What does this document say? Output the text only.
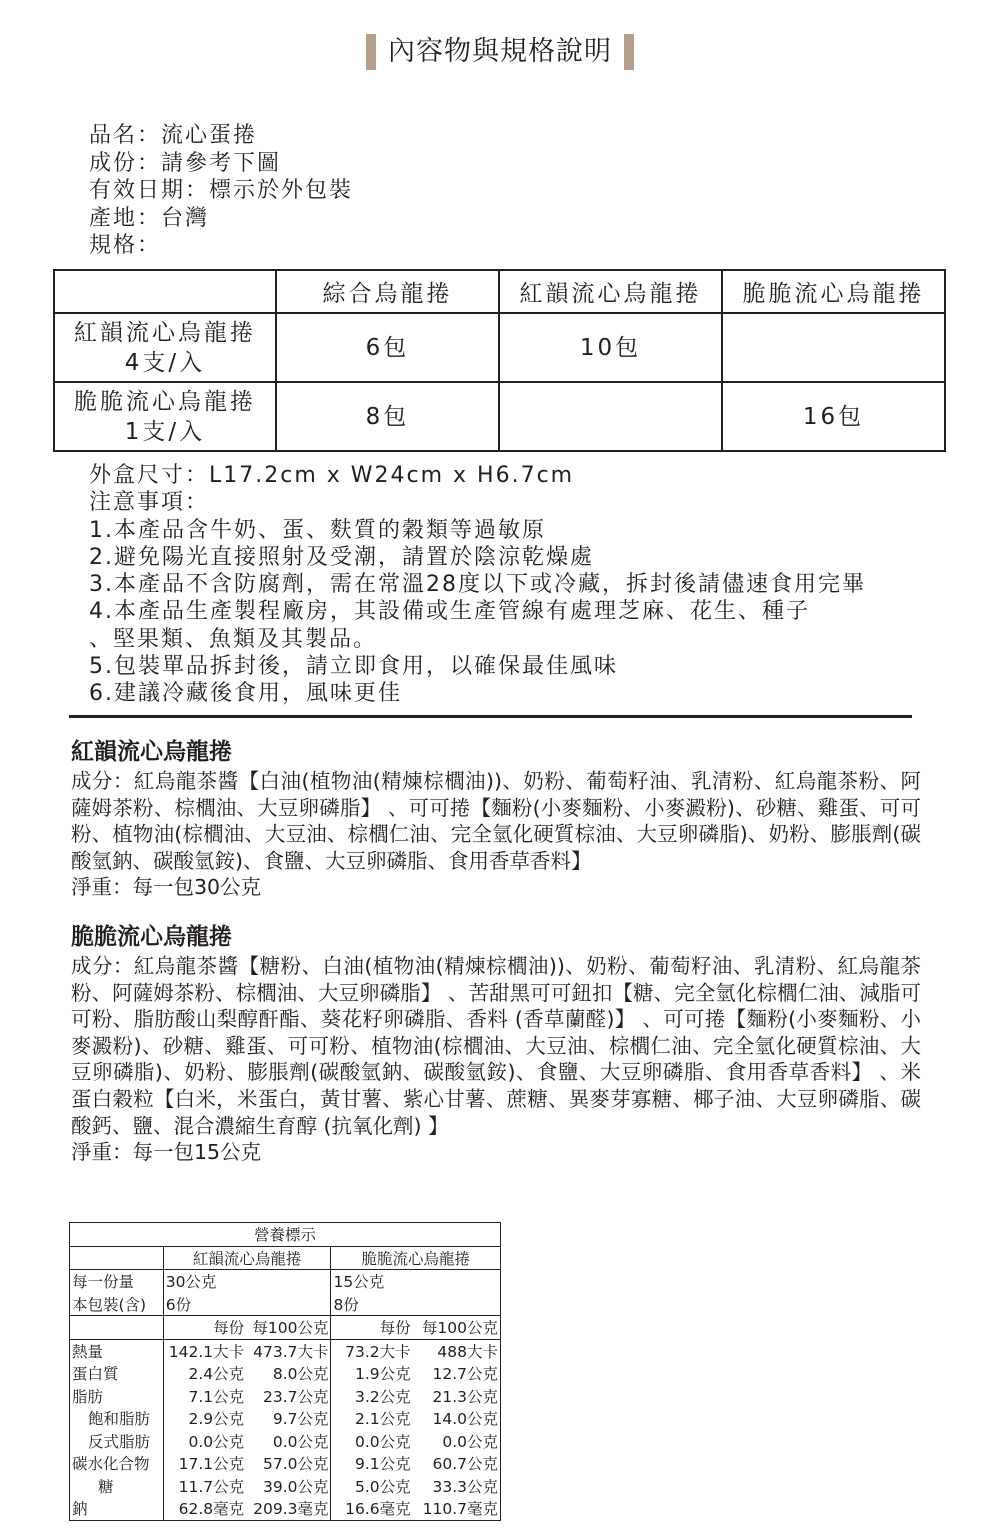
內容物與規格說明
品名：流心蛋捲
成份：請參考下圖
有效日期：標示於外包裝
產地：台灣
規格：
	綜合烏龍捲	紅韻流心烏龍捲	脆脆流心烏龍捲
紅韻流心烏龍捲
4支/入	6包	10包	
脆脆流心烏龍捲
1支/入	8包		16包
外盒尺寸：L17.2cm x W24cm x H6.7cm
注意事項：
1.本產品含牛奶、蛋、麩質的穀類等過敏原
2.避免陽光直接照射及受潮，請置於陰涼乾燥處
3.本產品不含防腐劑，需在常溫28度以下或冷藏，拆封後請儘速食用完畢
4.本產品生產製程廠房，其設備或生產管線有處理芝麻、花生、種子
、堅果類、魚類及其製品。
5.包裝單品拆封後，請立即食用，以確保最佳風味
6.建議冷藏後食用，風味更佳
紅韻流心烏龍捲
成分：紅烏龍茶醬【白油(植物油(精煉棕櫚油))、奶粉、葡萄籽油、乳清粉、紅烏龍茶粉、阿薩姆茶粉、棕櫚油、大豆卵磷脂】 、可可捲【麵粉(小麥麵粉、小麥澱粉)、砂糖、雞蛋、可可粉、植物油(棕櫚油、大豆油、棕櫚仁油、完全氫化硬質棕油、大豆卵磷脂)、奶粉、膨脹劑(碳酸氫鈉、碳酸氫銨)、食鹽、大豆卵磷脂、食用香草香料】
淨重：每一包30公克
脆脆流心烏龍捲
成分：紅烏龍茶醬【糖粉、白油(植物油(精煉棕櫚油))、奶粉、葡萄籽油、乳清粉、紅烏龍茶粉、阿薩姆茶粉、棕櫚油、大豆卵磷脂】 、苦甜黑可可鈕扣【糖、完全氫化棕櫚仁油、減脂可可粉、脂肪酸山梨醇酐酯、葵花籽卵磷脂、香料 (香草蘭醛)】 、可可捲【麵粉(小麥麵粉、小麥澱粉)、砂糖、雞蛋、可可粉、植物油(棕櫚油、大豆油、棕櫚仁油、完全氫化硬質棕油、大豆卵磷脂)、奶粉、膨脹劑(碳酸氫鈉、碳酸氫銨)、食鹽、大豆卵磷脂、食用香草香料】 、米蛋白穀粒【白米，米蛋白，黃甘薯、紫心甘薯、蔗糖、異麥芽寡糖、椰子油、大豆卵磷脂、碳酸鈣、鹽、混合濃縮生育醇 (抗氧化劑) 】
淨重：每一包15公克
營養標示				
	紅韻流心烏龍捲		脆脆流心烏龍捲	
每一份量	30公克		15公克	
本包裝(含)	6份		8份	
	每份	每100公克	每份	每100公克
熱量	142.1大卡	473.7大卡	73.2大卡	488大卡
蛋白質	2.4公克	8.0公克	1.9公克	12.7公克
脂肪	7.1公克	23.7公克	3.2公克	21.3公克
飽和脂肪	2.9公克	9.7公克	2.1公克	14.0公克
反式脂肪	0.0公克	0.0公克	0.0公克	0.0公克
碳水化合物	17.1公克	57.0公克	9.1公克	60.7公克
糖	11.7公克	39.0公克	5.0公克	33.3公克
鈉	62.8毫克	209.3毫克	16.6毫克	110.7毫克
